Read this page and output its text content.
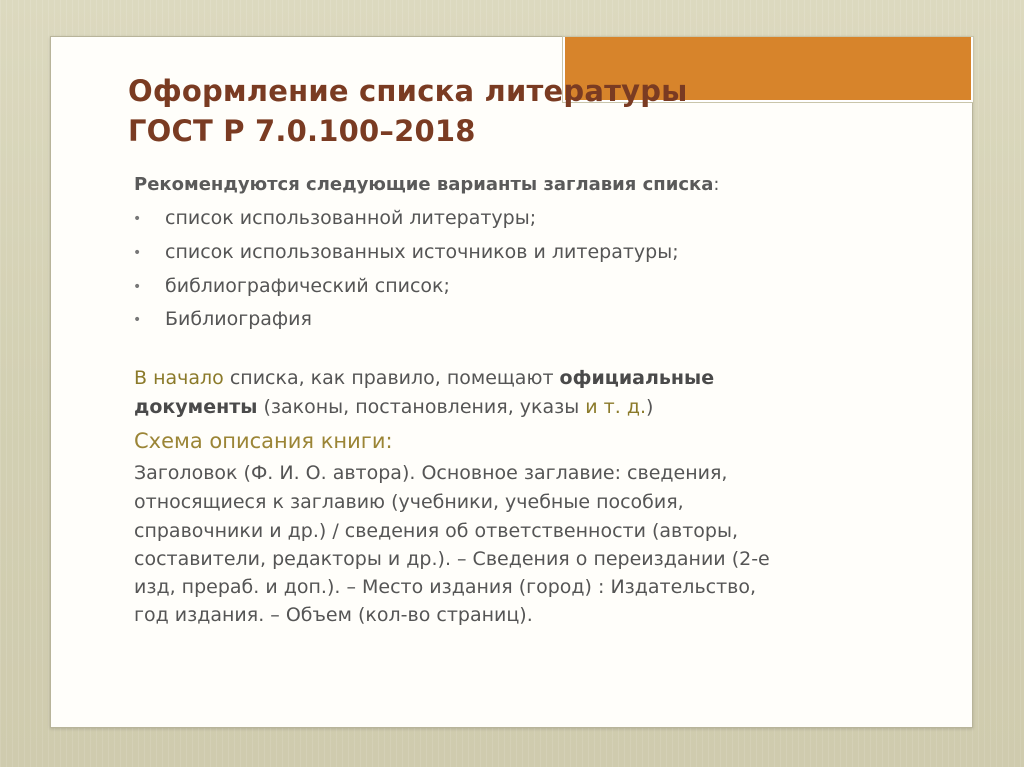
Оформление списка литературы
ГОСТ Р 7.0.100–2018
Рекомендуются следующие варианты заглавия списка:
• список использованной литературы;
• список использованных источников и литературы;
• библиографический список;
• Библиография
В начало списка, как правило, помещают официальные
документы (законы, постановления, указы и т. д.)
Схема описания книги:
Заголовок (Ф. И. О. автора). Основное заглавие: сведения,
относящиеся к заглавию (учебники, учебные пособия,
справочники и др.) / сведения об ответственности (авторы,
составители, редакторы и др.). – Сведения о переиздании (2-е
изд, прераб. и доп.). – Место издания (город) : Издательство,
год издания. – Объем (кол-во страниц).
